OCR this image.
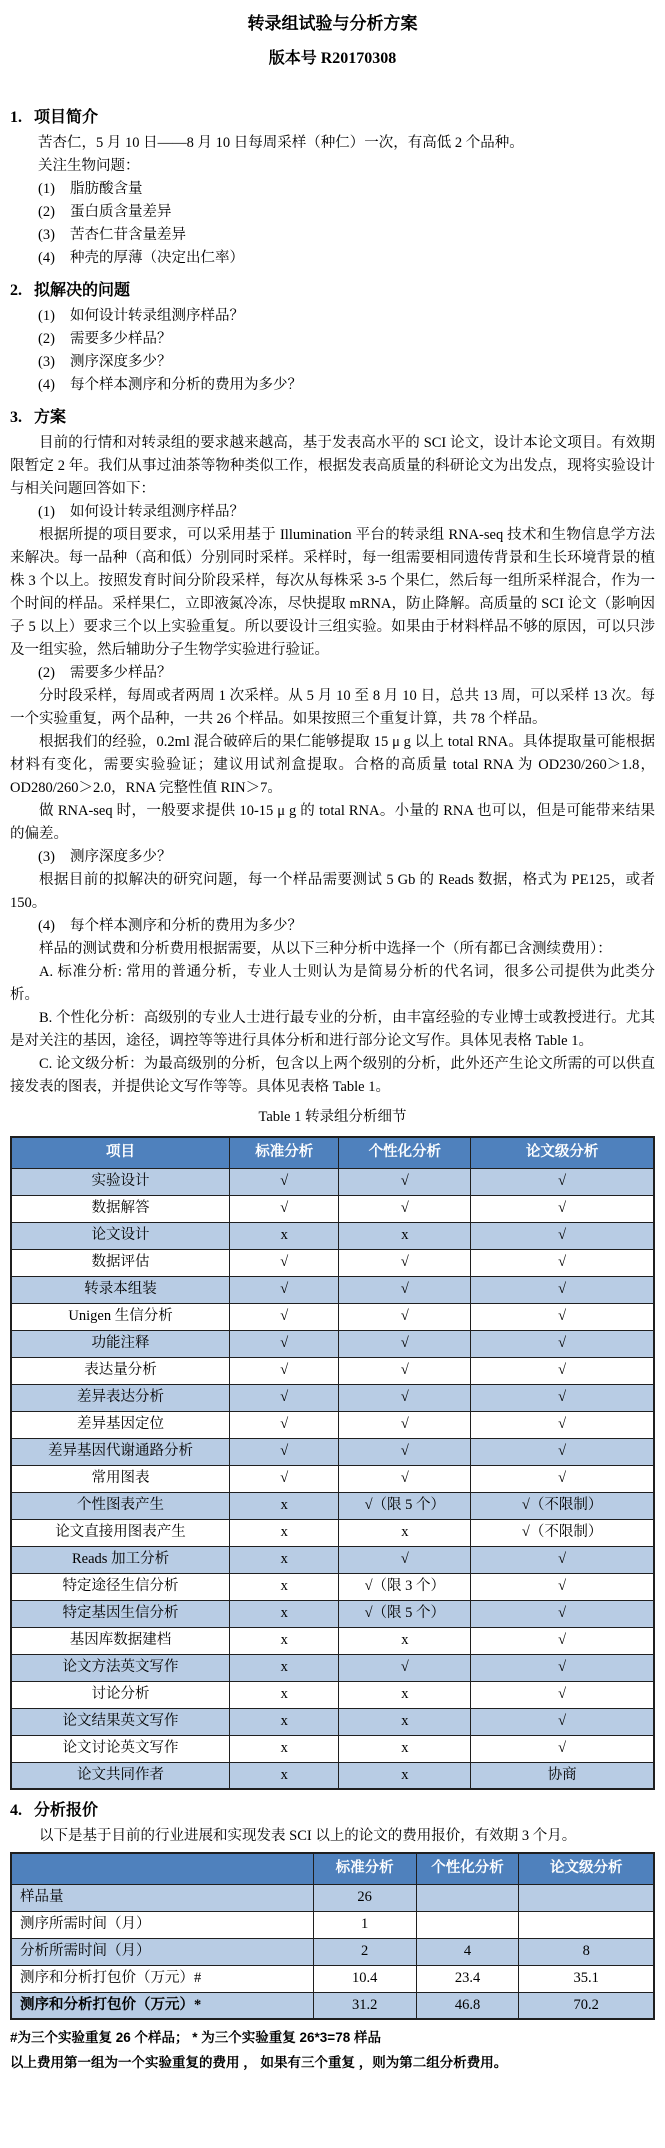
转录组试验与分析方案
版本号 R20170308
1. 项目简介

苦杏仁，5 月 10 日——8 月 10 日每周采样（种仁）一次，有高低 2 个品种。

关注生物问题：

(1) 脂肪酸含量
(2) 蛋白质含量差异
(3) 苦杏仁苷含量差异
(4) 种壳的厚薄（决定出仁率）
2. 拟解决的问题
(1) 如何设计转录组测序样品？
(2) 需要多少样品？
(3) 测序深度多少？
(4) 每个样本测序和分析的费用为多少？
3. 方案

目前的行情和对转录组的要求越来越高，基于发表高水平的 SCI 论文，设计本论文项目。有效期限暂定 2 年。我们从事过油茶等物种类似工作，根据发表高质量的科研论文为出发点，现将实验设计与相关问题回答如下：

(1) 如何设计转录组测序样品？

根据所提的项目要求，可以采用基于 Illumination 平台的转录组 RNA-seq 技术和生物信息学方法来解决。每一品种（高和低）分别同时采样。采样时，每一组需要相同遗传背景和生长环境背景的植株 3 个以上。按照发育时间分阶段采样，每次从每株采 3-5 个果仁，然后每一组所采样混合，作为一个时间的样品。采样果仁，立即液氮冷冻，尽快提取 mRNA，防止降解。高质量的 SCI 论文（影响因子 5 以上）要求三个以上实验重复。所以要设计三组实验。如果由于材料样品不够的原因，可以只涉及一组实验，然后辅助分子生物学实验进行验证。

(2) 需要多少样品？

分时段采样，每周或者两周 1 次采样。从 5 月 10 至 8 月 10 日，总共 13 周，可以采样 13 次。每一个实验重复，两个品种，一共 26 个样品。如果按照三个重复计算，共 78 个样品。

根据我们的经验，0.2ml 混合破碎后的果仁能够提取 15 μ g 以上 total RNA。具体提取量可能根据材料有变化，需要实验验证；建议用试剂盒提取。合格的高质量 total RNA 为 OD230/260＞1.8，OD280/260＞2.0，RNA 完整性值 RIN＞7。

做 RNA-seq 时，一般要求提供 10-15 μ g 的 total RNA。小量的 RNA 也可以，但是可能带来结果的偏差。

(3) 测序深度多少？

根据目前的拟解决的研究问题，每一个样品需要测试 5 Gb 的 Reads 数据，格式为 PE125，或者 150。

(4) 每个样本测序和分析的费用为多少？

样品的测试费和分析费用根据需要，从以下三种分析中选择一个（所有都已含测续费用）：

A. 标准分析: 常用的普通分析，专业人士则认为是简易分析的代名词，很多公司提供为此类分析。

B. 个性化分析：高级别的专业人士进行最专业的分析，由丰富经验的专业博士或教授进行。尤其是对关注的基因，途径，调控等等进行具体分析和进行部分论文写作。具体见表格 Table 1。

C. 论文级分析：为最高级别的分析，包含以上两个级别的分析，此外还产生论文所需的可以供直接发表的图表，并提供论文写作等等。具体见表格 Table 1。

Table 1 转录组分析细节
项目	标准分析	个性化分析	论文级分析
实验设计	√	√	√
数据解答	√	√	√
论文设计	x	x	√
数据评估	√	√	√
转录本组装	√	√	√
Unigen 生信分析	√	√	√
功能注释	√	√	√
表达量分析	√	√	√
差异表达分析	√	√	√
差异基因定位	√	√	√
差异基因代谢通路分析	√	√	√
常用图表	√	√	√
个性图表产生	x	√（限 5 个）	√（不限制）
论文直接用图表产生	x	x	√（不限制）
Reads 加工分析	x	√	√
特定途径生信分析	x	√（限 3 个）	√
特定基因生信分析	x	√（限 5 个）	√
基因库数据建档	x	x	√
论文方法英文写作	x	√	√
讨论分析	x	x	√
论文结果英文写作	x	x	√
论文讨论英文写作	x	x	√
论文共同作者	x	x	协商
4. 分析报价

以下是基于目前的行业进展和实现发表 SCI 以上的论文的费用报价，有效期 3 个月。

	标准分析	个性化分析	论文级分析
样品量	26		
测序所需时间（月）	1		
分析所需时间（月）	2	4	8
测序和分析打包价（万元）#	10.4	23.4	35.1
测序和分析打包价（万元）*	31.2	46.8	70.2
#为三个实验重复 26 个样品； * 为三个实验重复 26*3=78 样品
以上费用第一组为一个实验重复的费用 ， 如果有三个重复 ，则为第二组分析费用。
